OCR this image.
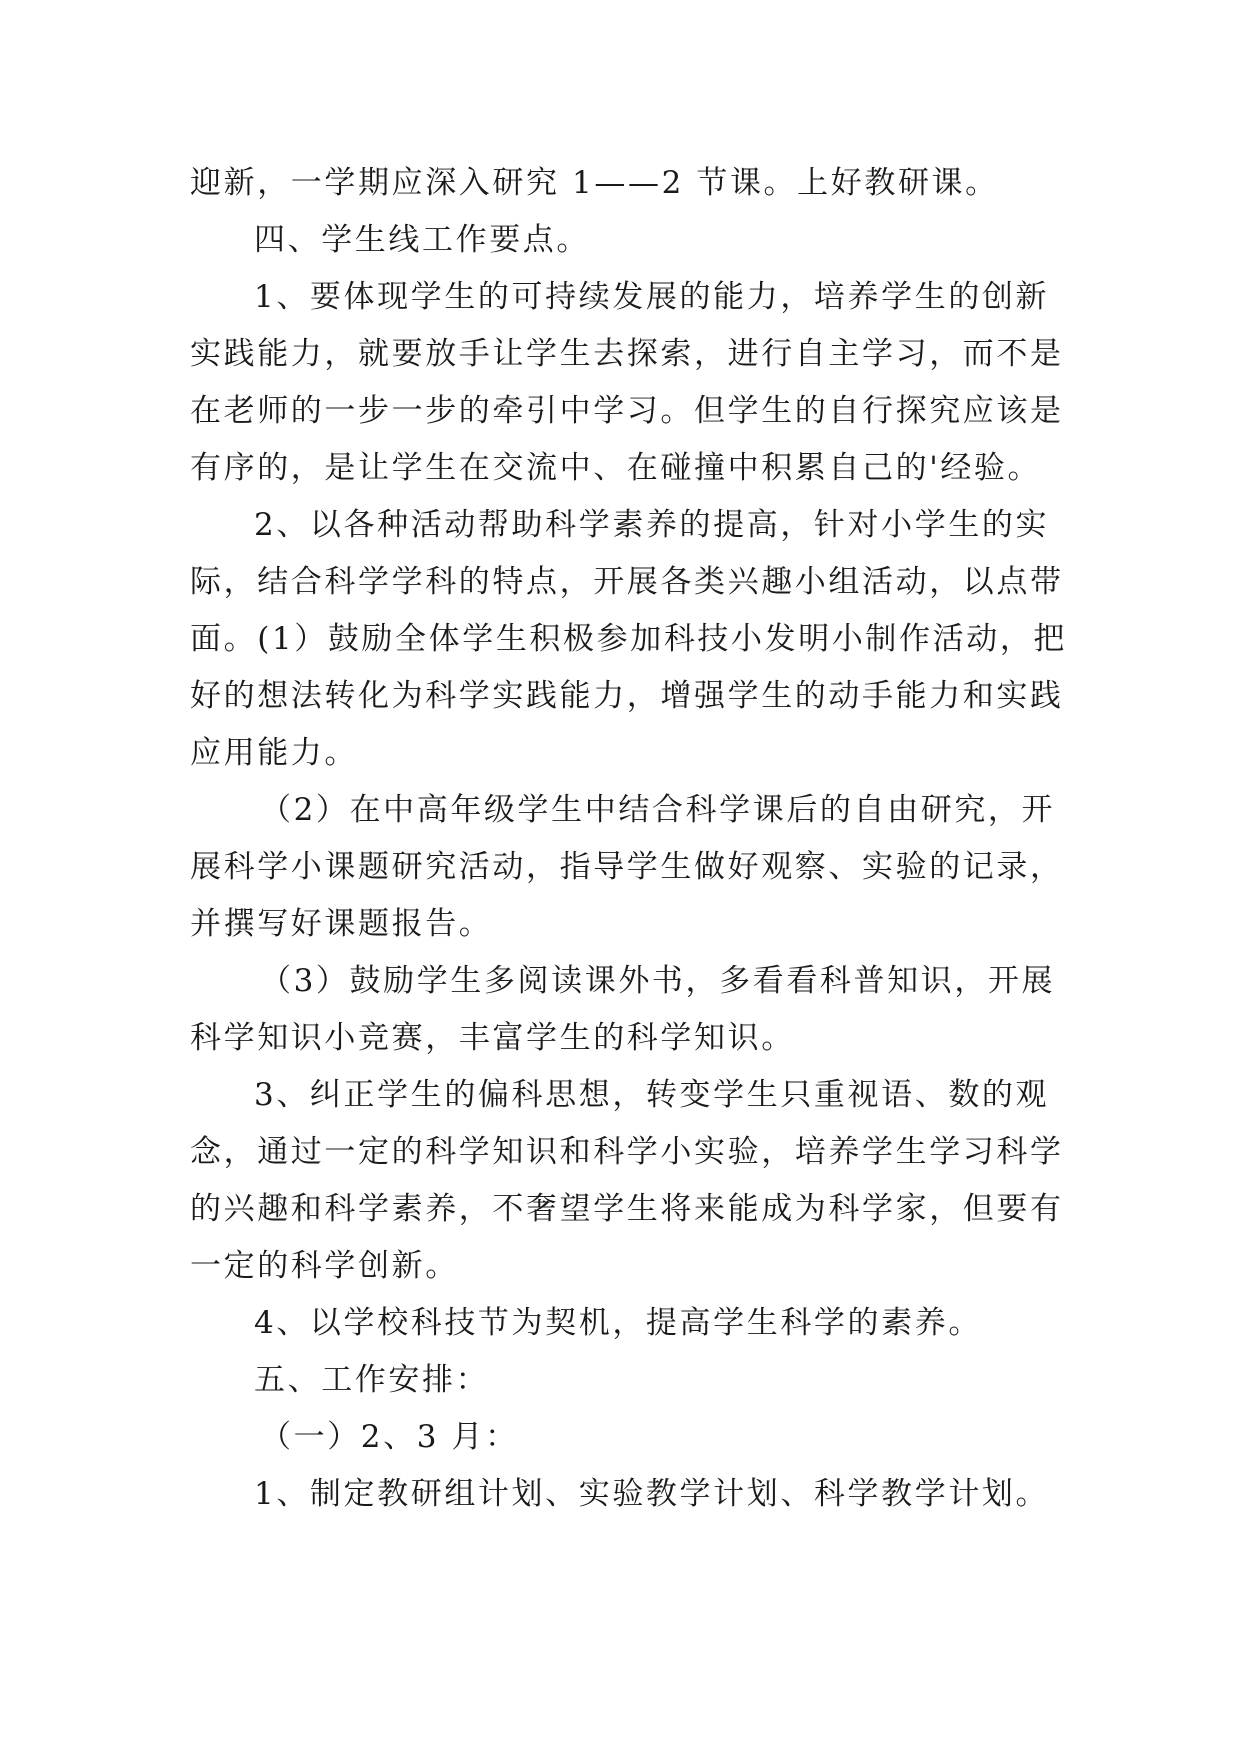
迎新，一学期应深入研究 1——2 节课。上好教研课。
四、学生线工作要点。
1、要体现学生的可持续发展的能力，培养学生的创新
实践能力，就要放手让学生去探索，进行自主学习，而不是
在老师的一步一步的牵引中学习。但学生的自行探究应该是
有序的，是让学生在交流中、在碰撞中积累自己的'经验。
2、以各种活动帮助科学素养的提高，针对小学生的实
际，结合科学学科的特点，开展各类兴趣小组活动，以点带
面。(1）鼓励全体学生积极参加科技小发明小制作活动，把
好的想法转化为科学实践能力，增强学生的动手能力和实践
应用能力。
（2）在中高年级学生中结合科学课后的自由研究，开
展科学小课题研究活动，指导学生做好观察、实验的记录，
并撰写好课题报告。
（3）鼓励学生多阅读课外书，多看看科普知识，开展
科学知识小竞赛，丰富学生的科学知识。
3、纠正学生的偏科思想，转变学生只重视语、数的观
念，通过一定的科学知识和科学小实验，培养学生学习科学
的兴趣和科学素养，不奢望学生将来能成为科学家，但要有
一定的科学创新。
4、以学校科技节为契机，提高学生科学的素养。
五、工作安排：
（一）2、3 月：
1、制定教研组计划、实验教学计划、科学教学计划。
